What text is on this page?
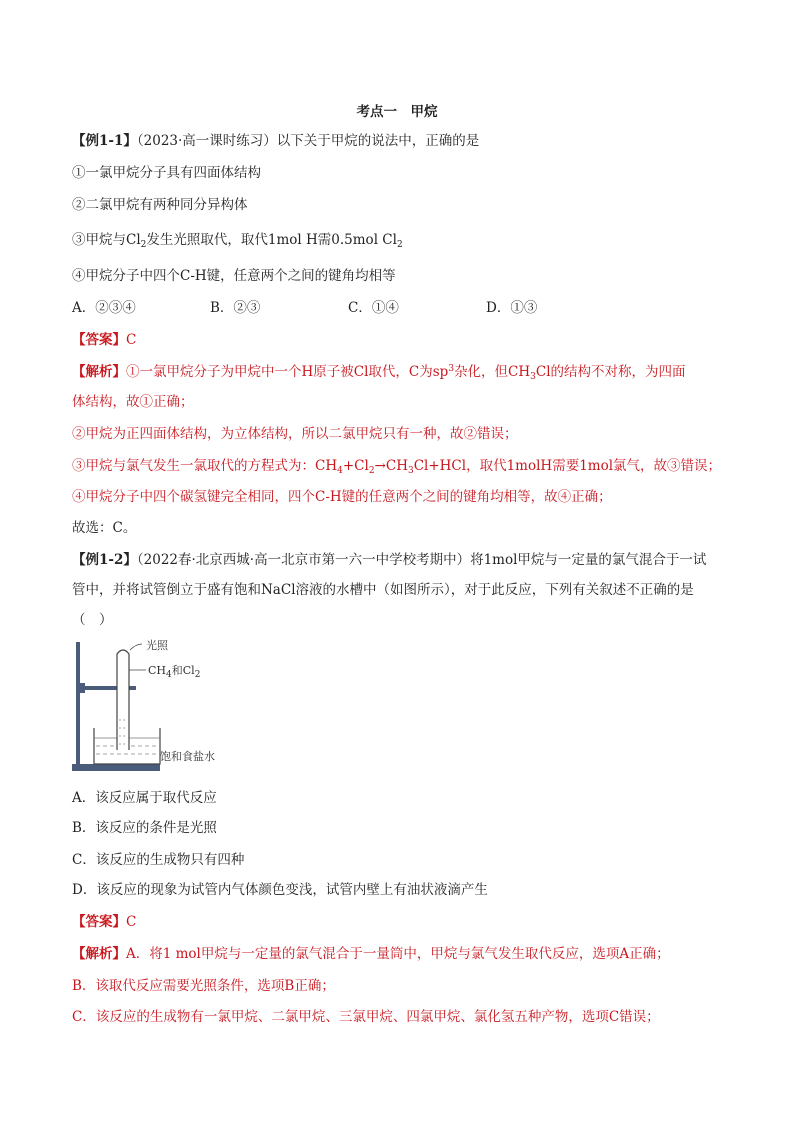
考点一　甲烷
【例1-1】（2023·高一课时练习）以下关于甲烷的说法中，正确的是
①一氯甲烷分子具有四面体结构
②二氯甲烷有两种同分异构体
③甲烷与$Cl_2$发生光照取代，取代1mol H需0.5mol $Cl_2$
④甲烷分子中四个C-H键，任意两个之间的键角均相等
A．②③④	B．②③	C．①④	D．①③
【答案】C
【解析】①一氯甲烷分子为甲烷中一个H原子被Cl取代，C为$sp^3$杂化，但$CH_3Cl$的结构不对称，为四面
体结构，故①正确；
②甲烷为正四面体结构，为立体结构，所以二氯甲烷只有一种，故②错误；
③甲烷与氯气发生一氯取代的方程式为：$CH_4+Cl_2\to CH_3Cl+HCl$，取代1molH需要1mol氯气，故③错误；
④甲烷分子中四个碳氢键完全相同，四个C-H键的任意两个之间的键角均相等，故④正确；
故选：C。
【例1-2】（2022春·北京西城·高一北京市第一六一中学校考期中）将1mol甲烷与一定量的氯气混合于一试
管中，并将试管倒立于盛有饱和NaCl溶液的水槽中（如图所示），对于此反应，下列有关叙述不正确的是
（　）
光照
$CH_4$和$Cl_2$
饱和食盐水
A．该反应属于取代反应
B．该反应的条件是光照
C．该反应的生成物只有四种
D．该反应的现象为试管内气体颜色变浅，试管内壁上有油状液滴产生
【答案】C
【解析】A．将1 mol甲烷与一定量的氯气混合于一量筒中，甲烷与氯气发生取代反应，选项A正确；
B．该取代反应需要光照条件，选项B正确；
C．该反应的生成物有一氯甲烷、二氯甲烷、三氯甲烷、四氯甲烷、氯化氢五种产物，选项C错误；
